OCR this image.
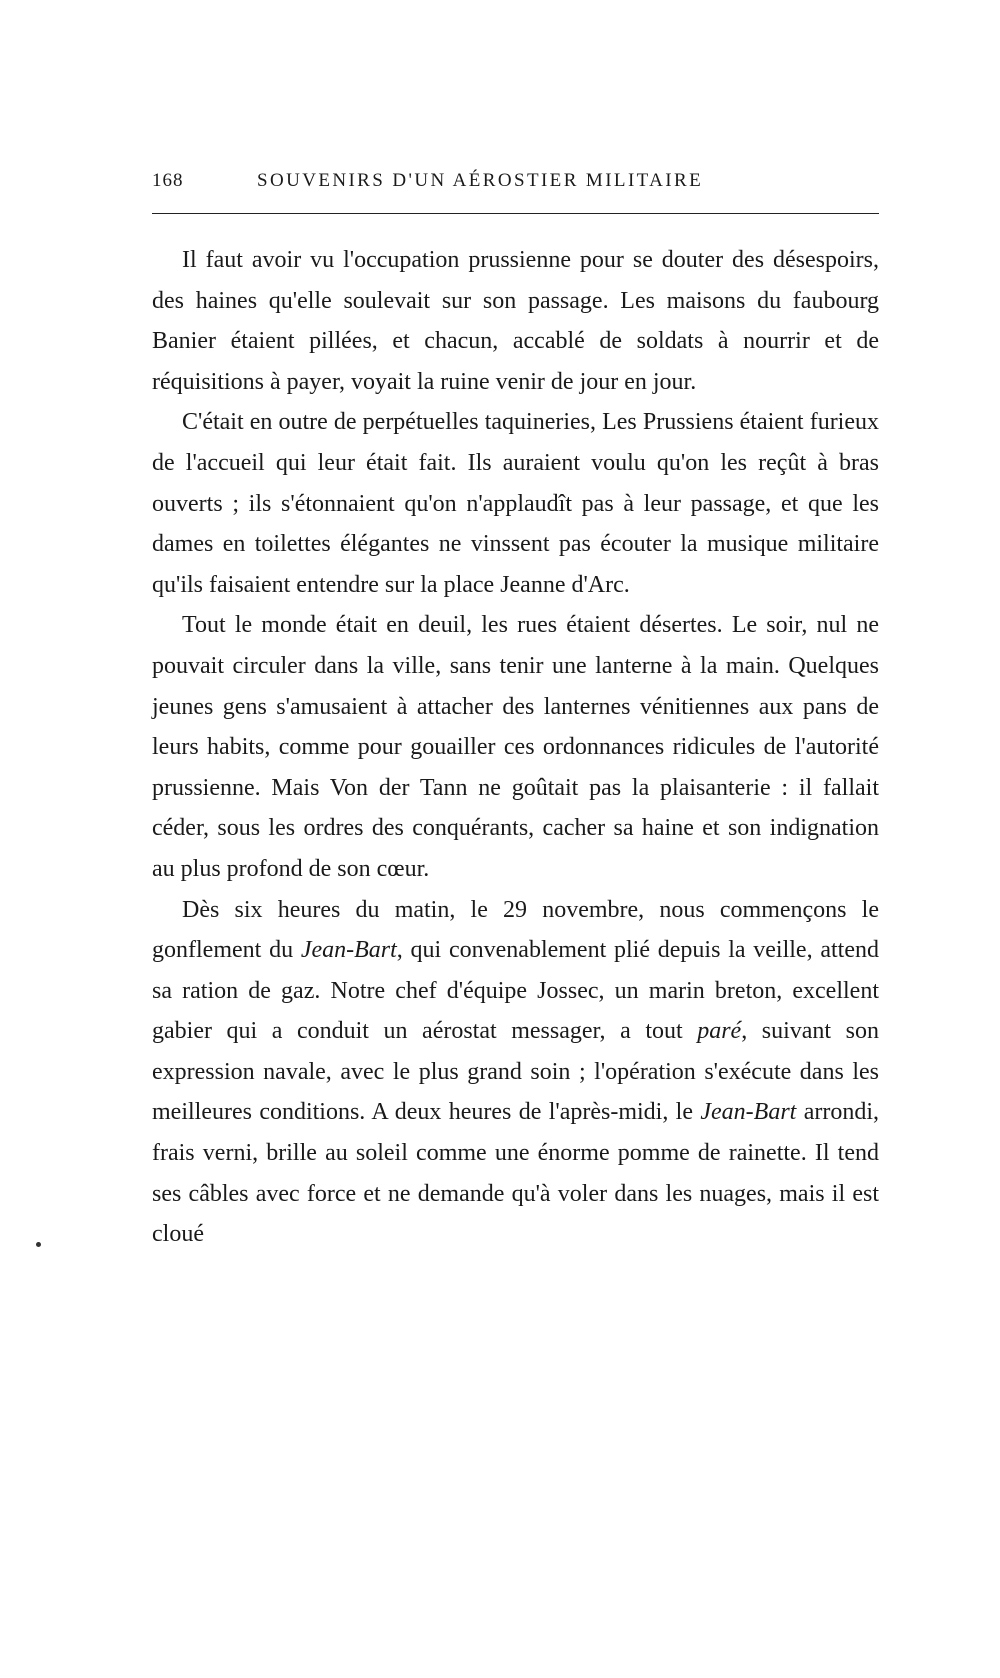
168	SOUVENIRS D'UN AÉROSTIER MILITAIRE

Il faut avoir vu l'occupation prussienne pour se douter des désespoirs, des haines qu'elle soulevait sur son passage. Les maisons du faubourg Banier étaient pillées, et chacun, accablé de soldats à nourrir et de réquisitions à payer, voyait la ruine venir de jour en jour.

C'était en outre de perpétuelles taquineries, Les Prussiens étaient furieux de l'accueil qui leur était fait. Ils auraient voulu qu'on les reçût à bras ouverts ; ils s'étonnaient qu'on n'applaudît pas à leur passage, et que les dames en toilettes élégantes ne vinssent pas écouter la musique militaire qu'ils faisaient entendre sur la place Jeanne d'Arc.

Tout le monde était en deuil, les rues étaient désertes. Le soir, nul ne pouvait circuler dans la ville, sans tenir une lanterne à la main. Quelques jeunes gens s'amusaient à attacher des lanternes vénitiennes aux pans de leurs habits, comme pour gouailler ces ordonnances ridicules de l'autorité prussienne. Mais Von der Tann ne goûtait pas la plaisanterie : il fallait céder, sous les ordres des conquérants, cacher sa haine et son indignation au plus profond de son cœur.

Dès six heures du matin, le 29 novembre, nous commençons le gonflement du Jean-Bart, qui convenablement plié depuis la veille, attend sa ration de gaz. Notre chef d'équipe Jossec, un marin breton, excellent gabier qui a conduit un aérostat messager, a tout paré, suivant son expression navale, avec le plus grand soin ; l'opération s'exécute dans les meilleures conditions. A deux heures de l'après-midi, le Jean-Bart arrondi, frais verni, brille au soleil comme une énorme pomme de rainette. Il tend ses câbles avec force et ne demande qu'à voler dans les nuages, mais il est cloué
